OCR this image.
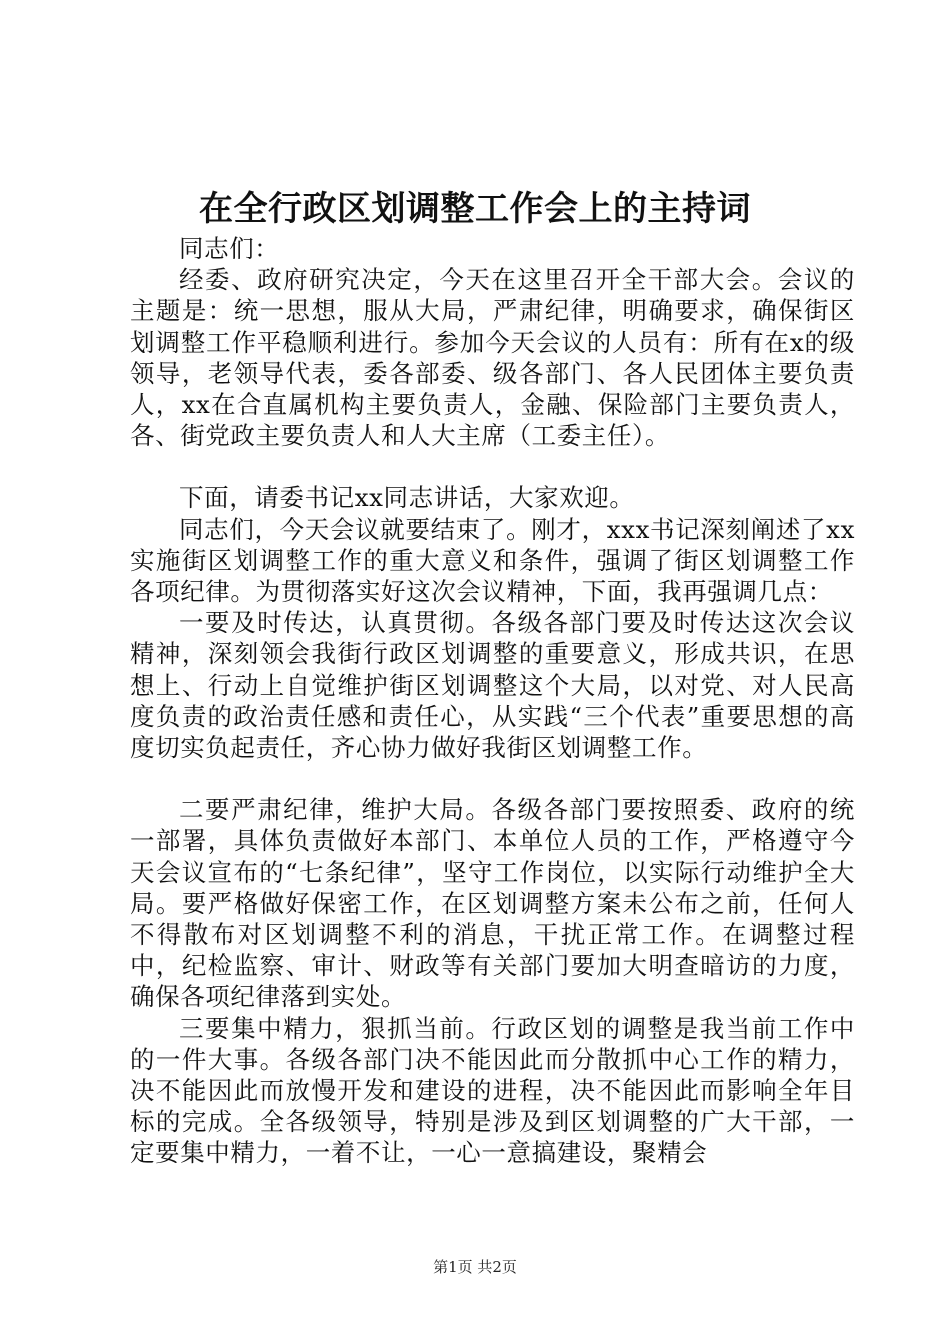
在全行政区划调整工作会上的主持词

同志们：

经委、政府研究决定，今天在这里召开全干部大会。会议的主题是：统一思想，服从大局，严肃纪律，明确要求，确保街区划调整工作平稳顺利进行。参加今天会议的人员有：所有在x的级领导，老领导代表，委各部委、级各部门、各人民团体主要负责人，xx在合直属机构主要负责人，金融、保险部门主要负责人，各、街党政主要负责人和人大主席（工委主任）。

下面，请委书记xx同志讲话，大家欢迎。

同志们，今天会议就要结束了。刚才，xxx书记深刻阐述了xx实施街区划调整工作的重大意义和条件，强调了街区划调整工作各项纪律。为贯彻落实好这次会议精神，下面，我再强调几点：

一要及时传达，认真贯彻。各级各部门要及时传达这次会议精神，深刻领会我街行政区划调整的重要意义，形成共识，在思想上、行动上自觉维护街区划调整这个大局，以对党、对人民高度负责的政治责任感和责任心，从实践“三个代表”重要思想的高度切实负起责任，齐心协力做好我街区划调整工作。

二要严肃纪律，维护大局。各级各部门要按照委、政府的统一部署，具体负责做好本部门、本单位人员的工作，严格遵守今天会议宣布的“七条纪律”，坚守工作岗位，以实际行动维护全大局。要严格做好保密工作，在区划调整方案未公布之前，任何人不得散布对区划调整不利的消息，干扰正常工作。在调整过程中，纪检监察、审计、财政等有关部门要加大明查暗访的力度，确保各项纪律落到实处。

三要集中精力，狠抓当前。行政区划的调整是我当前工作中的一件大事。各级各部门决不能因此而分散抓中心工作的精力，决不能因此而放慢开发和建设的进程，决不能因此而影响全年目标的完成。全各级领导，特别是涉及到区划调整的广大干部，一定要集中精力，一着不让，一心一意搞建设，聚精会

第1页 共2页
